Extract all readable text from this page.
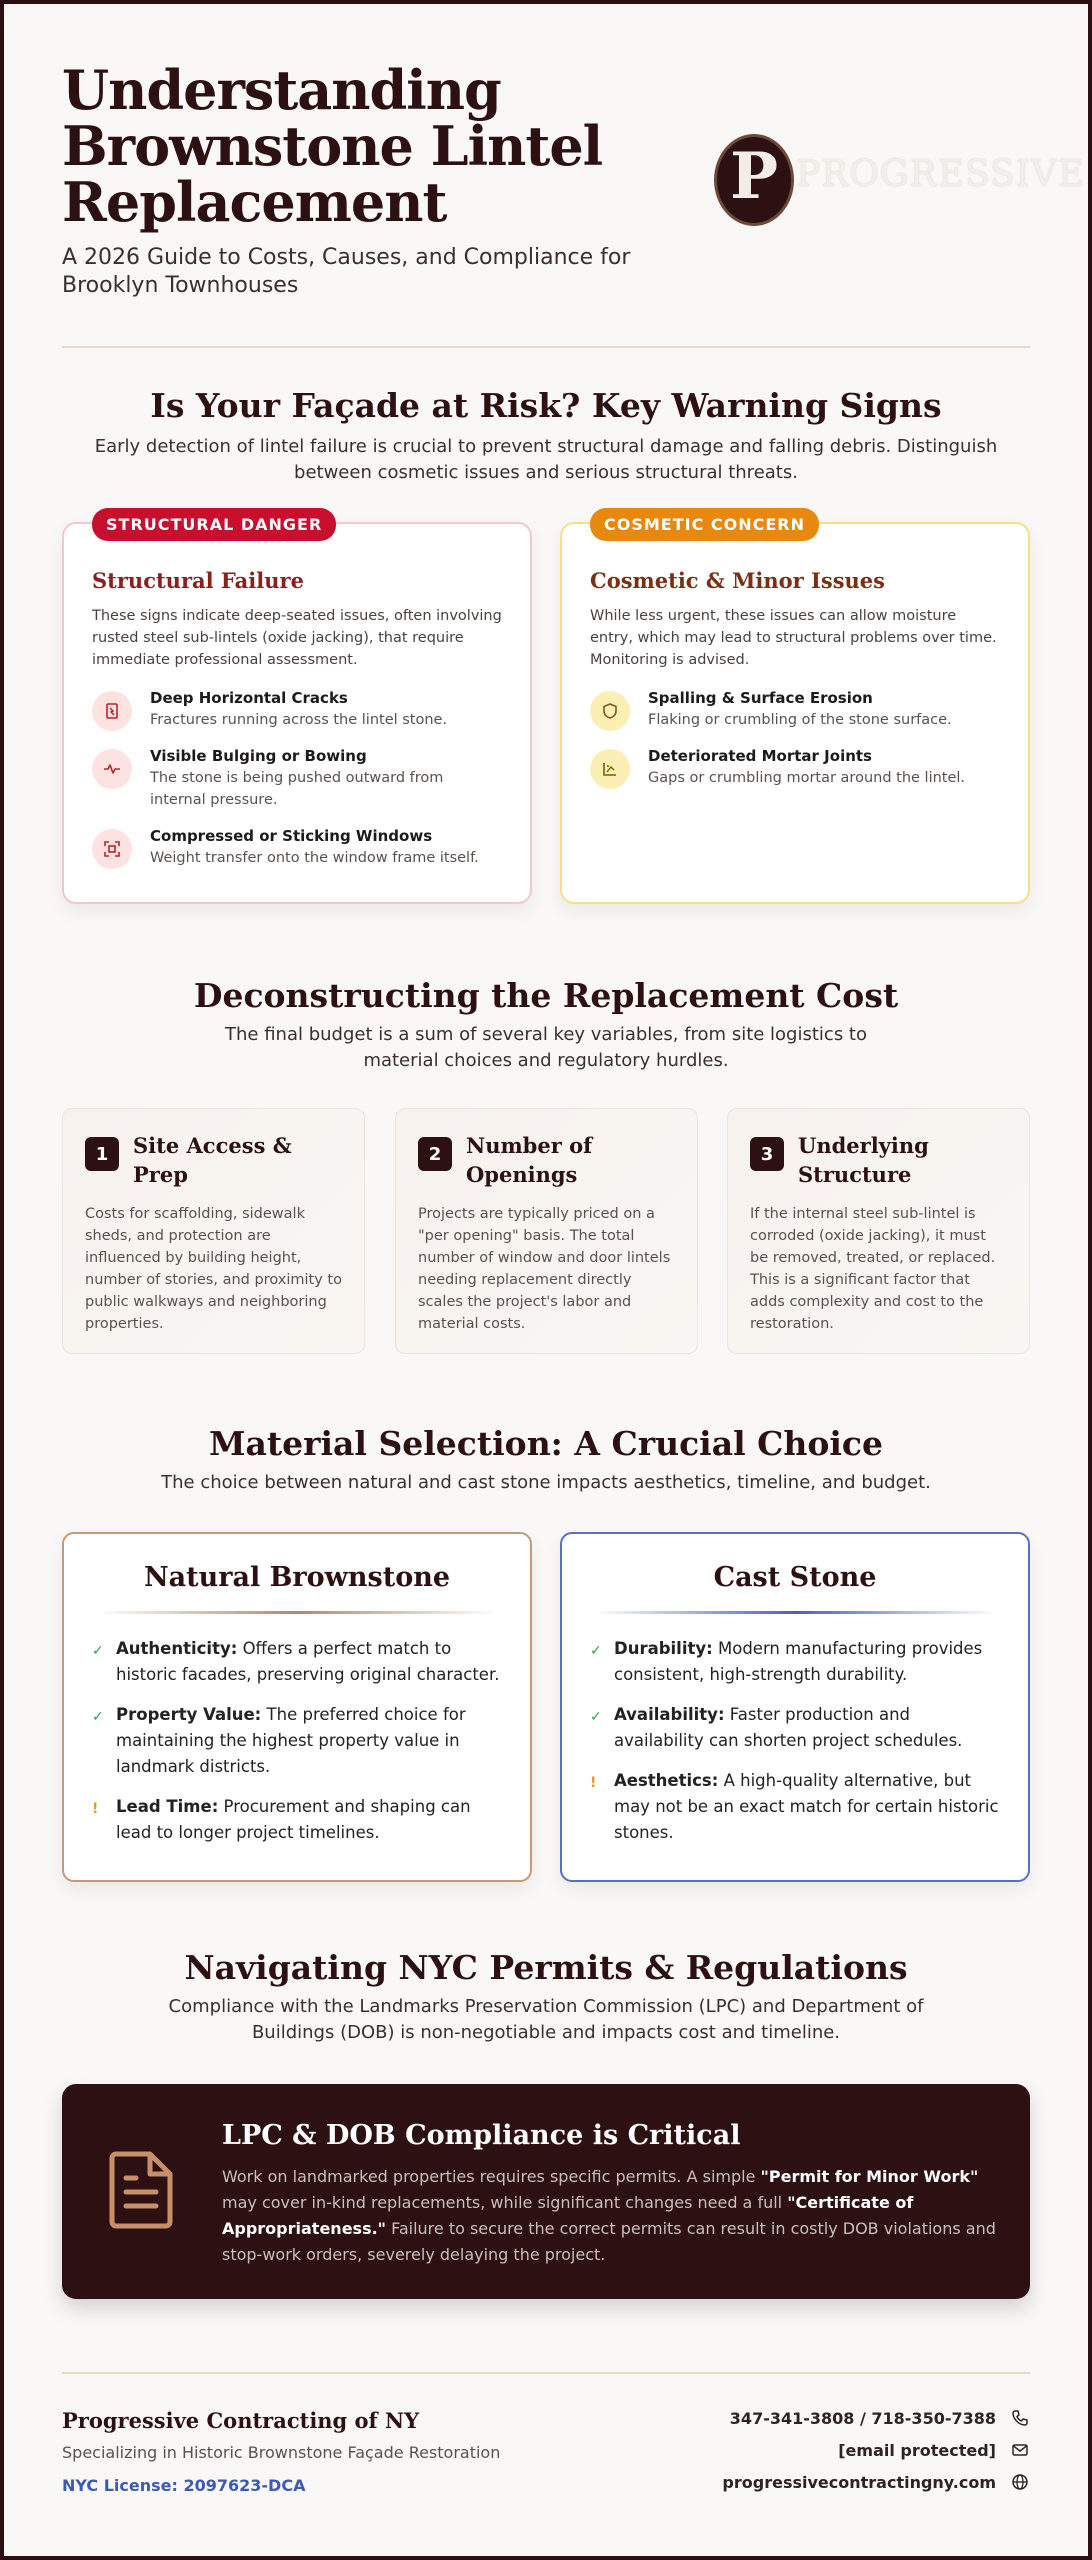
Understanding Brownstone Lintel Replacement

A 2026 Guide to Costs, Causes, and Compliance for Brooklyn Townhouses

P PROGRESSIVE
Is Your Façade at Risk? Key Warning Signs

Early detection of lintel failure is crucial to prevent structural damage and falling debris. Distinguish between cosmetic issues and serious structural threats.

STRUCTURAL DANGER
Structural Failure

These signs indicate deep-seated issues, often involving rusted steel sub-lintels (oxide jacking), that require immediate professional assessment.

Deep Horizontal Cracks
Fractures running across the lintel stone.
Visible Bulging or Bowing
The stone is being pushed outward from internal pressure.
Compressed or Sticking Windows
Weight transfer onto the window frame itself.
COSMETIC CONCERN
Cosmetic & Minor Issues

While less urgent, these issues can allow moisture entry, which may lead to structural problems over time. Monitoring is advised.

Spalling & Surface Erosion
Flaking or crumbling of the stone surface.
Deteriorated Mortar Joints
Gaps or crumbling mortar around the lintel.
Deconstructing the Replacement Cost

The final budget is a sum of several key variables, from site logistics to material choices and regulatory hurdles.

1	Site Access & Prep

Costs for scaffolding, sidewalk sheds, and protection are influenced by building height, number of stories, and proximity to public walkways and neighboring properties.

2	Number of Openings

Projects are typically priced on a "per opening" basis. The total number of window and door lintels needing replacement directly scales the project's labor and material costs.

3	Underlying Structure

If the internal steel sub-lintel is corroded (oxide jacking), it must be removed, treated, or replaced. This is a significant factor that adds complexity and cost to the restoration.

Material Selection: A Crucial Choice

The choice between natural and cast stone impacts aesthetics, timeline, and budget.

Natural Brownstone
✓ Authenticity: Offers a perfect match to historic facades, preserving original character.
✓ Property Value: The preferred choice for maintaining the highest property value in landmark districts.
!	Lead Time: Procurement and shaping can lead to longer project timelines.
Cast Stone
✓ Durability: Modern manufacturing provides consistent, high-strength durability.
✓ Availability: Faster production and availability can shorten project schedules.
!	Aesthetics: A high-quality alternative, but may not be an exact match for certain historic stones.
Navigating NYC Permits & Regulations

Compliance with the Landmarks Preservation Commission (LPC) and Department of Buildings (DOB) is non-negotiable and impacts cost and timeline.

LPC & DOB Compliance is Critical

Work on landmarked properties requires specific permits. A simple "Permit for Minor Work" may cover in-kind replacements, while significant changes need a full "Certificate of Appropriateness." Failure to secure the correct permits can result in costly DOB violations and stop-work orders, severely delaying the project.

Progressive Contracting of NY
Specializing in Historic Brownstone Façade Restoration
NYC License: 2097623-DCA
347-341-3808 / 718-350-7388
[email protected]
progressivecontractingny.com
